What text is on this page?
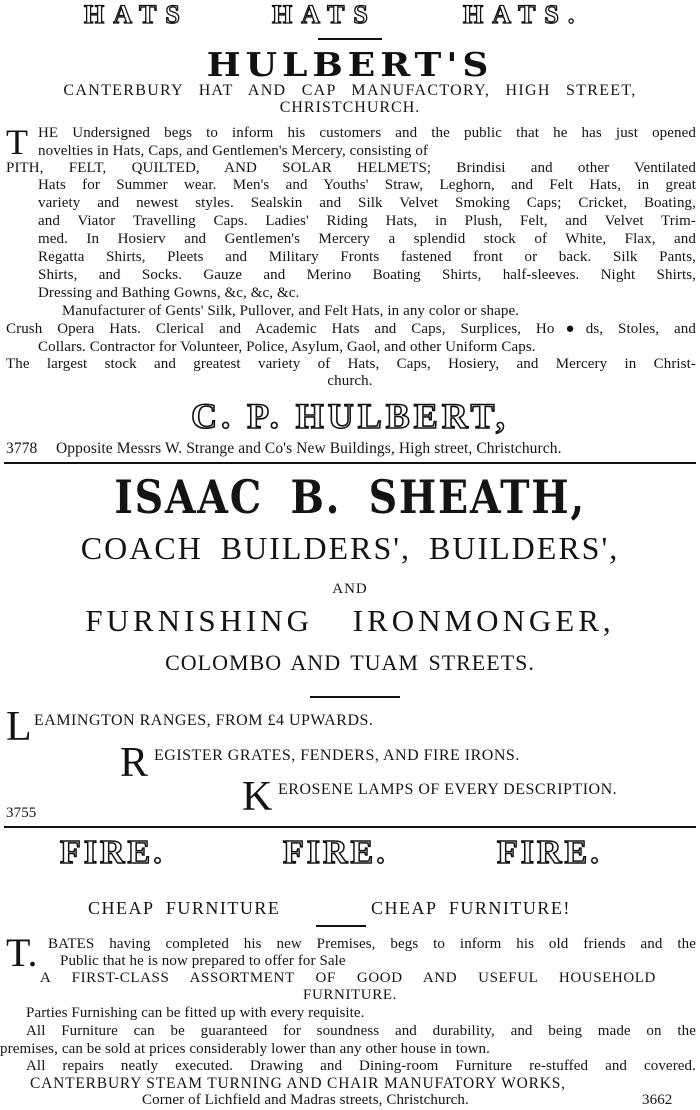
HATS	HATS	HATS.
HULBERT'S
CANTERBURY HAT AND CAP MANUFACTORY, HIGH STREET,
CHRISTCHURCH.
T HE Undersigned begs to inform his customers and the public that he has just opened
novelties in Hats, Caps, and Gentlemen's Mercery, consisting of
PITH, FELT, QUILTED, AND SOLAR HELMETS; Brindisi and other Ventilated
Hats for Summer wear. Men's and Youths' Straw, Leghorn, and Felt Hats, in great
variety and newest styles. Sealskin and Silk Velvet Smoking Caps; Cricket, Boating,
and Viator Travelling Caps. Ladies' Riding Hats, in Plush, Felt, and Velvet Trim-
med. In Hosierv and Gentlemen's Mercery a splendid stock of White, Flax, and
Regatta Shirts, Pleets and Military Fronts fastened front or back. Silk Pants,
Shirts, and Socks. Gauze and Merino Boating Shirts, half-sleeves. Night Shirts,
Dressing and Bathing Gowns, &c, &c, &c.
Manufacturer of Gents' Silk, Pullover, and Felt Hats, in any color or shape.
Crush Opera Hats. Clerical and Academic Hats and Caps, Surplices, Ho●ds, Stoles, and
Collars. Contractor for Volunteer, Police, Asylum, Gaol, and other Uniform Caps.
The largest stock and greatest variety of Hats, Caps, Hosiery, and Mercery in Christ-
church.
C. P. HULBERT,
3778	Opposite Messrs W. Strange and Co's New Buildings, High street, Christchurch.
ISAAC B. SHEATH,
COACH BUILDERS', BUILDERS',
AND
FURNISHING IRONMONGER,
COLOMBO AND TUAM STREETS.
L EAMINGTON RANGES, FROM £4 UPWARDS.
R EGISTER GRATES, FENDERS, AND FIRE IRONS.
K EROSENE LAMPS OF EVERY DESCRIPTION.
3755
FIRE.	FIRE.	FIRE.
CHEAP FURNITURE	CHEAP FURNITURE!
T. BATES having completed his new Premises, begs to inform his old friends and the
Public that he is now prepared to offer for Sale
A FIRST-CLASS ASSORTMENT OF GOOD AND USEFUL HOUSEHOLD
FURNITURE.
Parties Furnishing can be fitted up with every requisite.
All Furniture can be guaranteed for soundness and durability, and being made on the
premises, can be sold at prices considerably lower than any other house in town.
All repairs neatly executed. Drawing and Dining-room Furniture re-stuffed and covered.
CANTERBURY STEAM TURNING AND CHAIR MANUFATORY WORKS,
Corner of Lichfield and Madras streets, Christchurch.	3662
